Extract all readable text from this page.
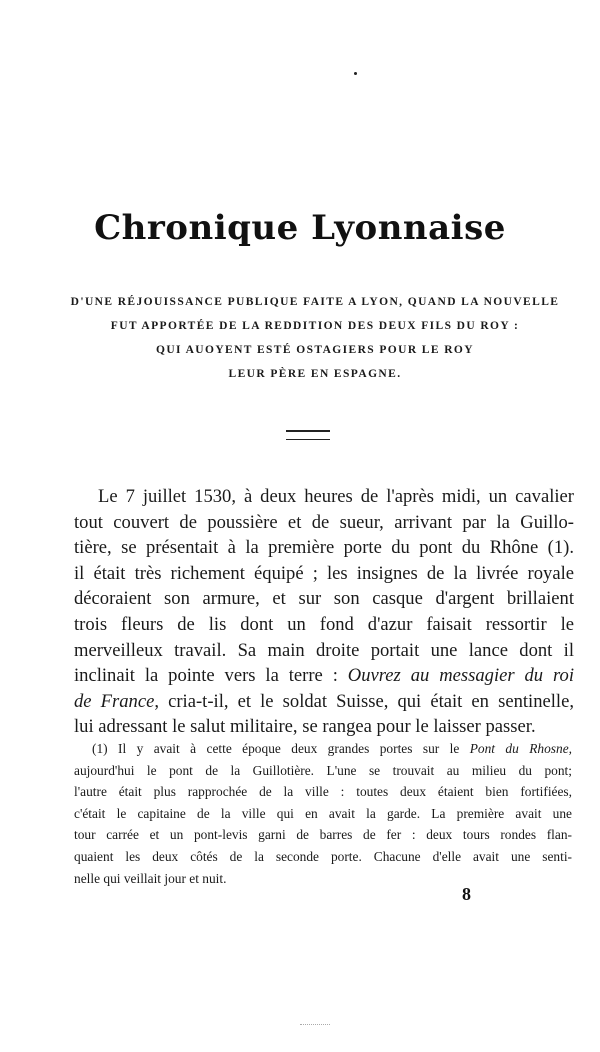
Chronique Lyonnaise
D'UNE RÉJOUISSANCE PUBLIQUE FAITE A LYON, QUAND LA NOUVELLE
FUT APPORTÉE DE LA REDDITION DES DEUX FILS DU ROY :
QUI AUOYENT ESTÉ OSTAGIERS POUR LE ROY
LEUR PÈRE EN ESPAGNE.
Le 7 juillet 1530, à deux heures de l'après midi, un cavalier
tout couvert de poussière et de sueur, arrivant par la Guillo-
tière, se présentait à la première porte du pont du Rhône (1).
il était très richement équipé ; les insignes de la livrée royale
décoraient son armure, et sur son casque d'argent brillaient
trois fleurs de lis dont un fond d'azur faisait ressortir le
merveilleux travail. Sa main droite portait une lance dont il
inclinait la pointe vers la terre : Ouvrez au messagier du roi
de France, cria-t-il, et le soldat Suisse, qui était en sentinelle,
lui adressant le salut militaire, se rangea pour le laisser passer.
(1) Il y avait à cette époque deux grandes portes sur le Pont du Rhosne,
aujourd'hui le pont de la Guillotière. L'une se trouvait au milieu du pont;
l'autre était plus rapprochée de la ville : toutes deux étaient bien fortifiées,
c'était le capitaine de la ville qui en avait la garde. La première avait une
tour carrée et un pont-levis garni de barres de fer : deux tours rondes flan-
quaient les deux côtés de la seconde porte. Chacune d'elle avait une senti-
nelle qui veillait jour et nuit.
8
